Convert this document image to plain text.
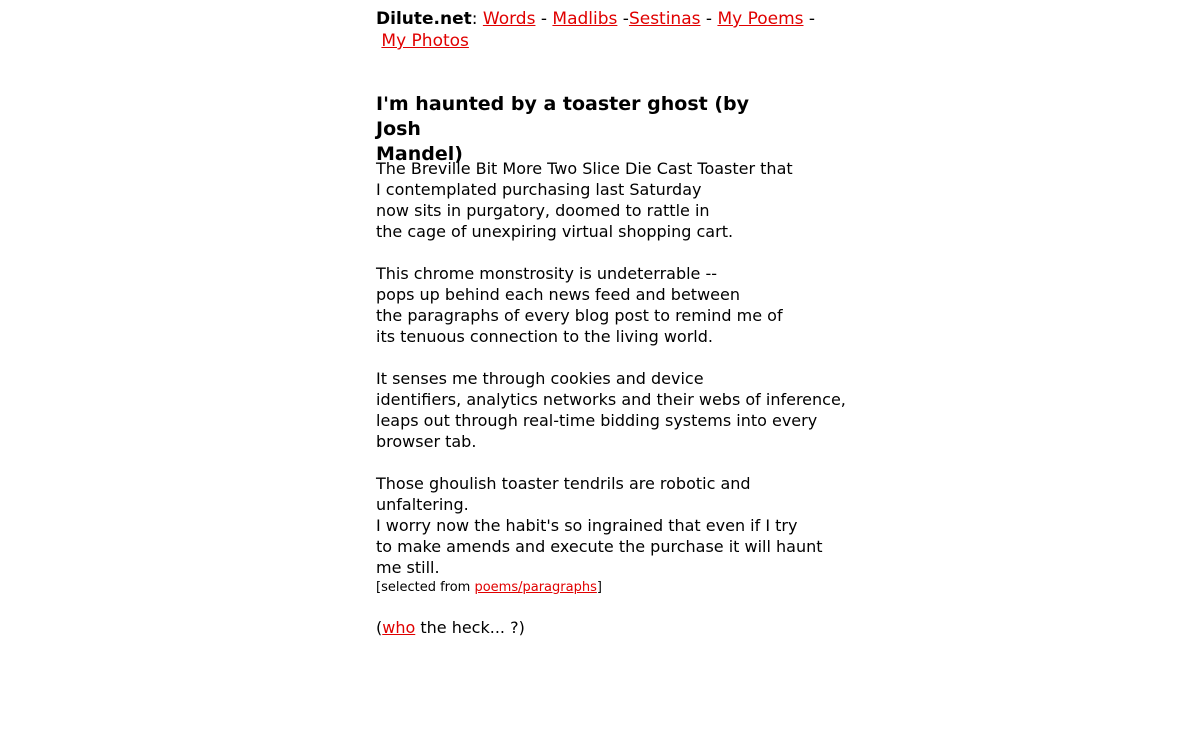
Dilute.net: Words - Madlibs -Sestinas - My Poems -
My Photos

I'm haunted by a toaster ghost (by Josh
Mandel)

The Breville Bit More Two Slice Die Cast Toaster that
I contemplated purchasing last Saturday
now sits in purgatory, doomed to rattle in
the cage of unexpiring virtual shopping cart.

This chrome monstrosity is undeterrable --
pops up behind each news feed and between
the paragraphs of every blog post to remind me of
its tenuous connection to the living world.

It senses me through cookies and device
identifiers, analytics networks and their webs of inference,
leaps out through real-time bidding systems into every
browser tab.

Those ghoulish toaster tendrils are robotic and
unfaltering.
I worry now the habit's so ingrained that even if I try
to make amends and execute the purchase it will haunt
me still.

[selected from poems/paragraphs]
(who the heck... ?)
